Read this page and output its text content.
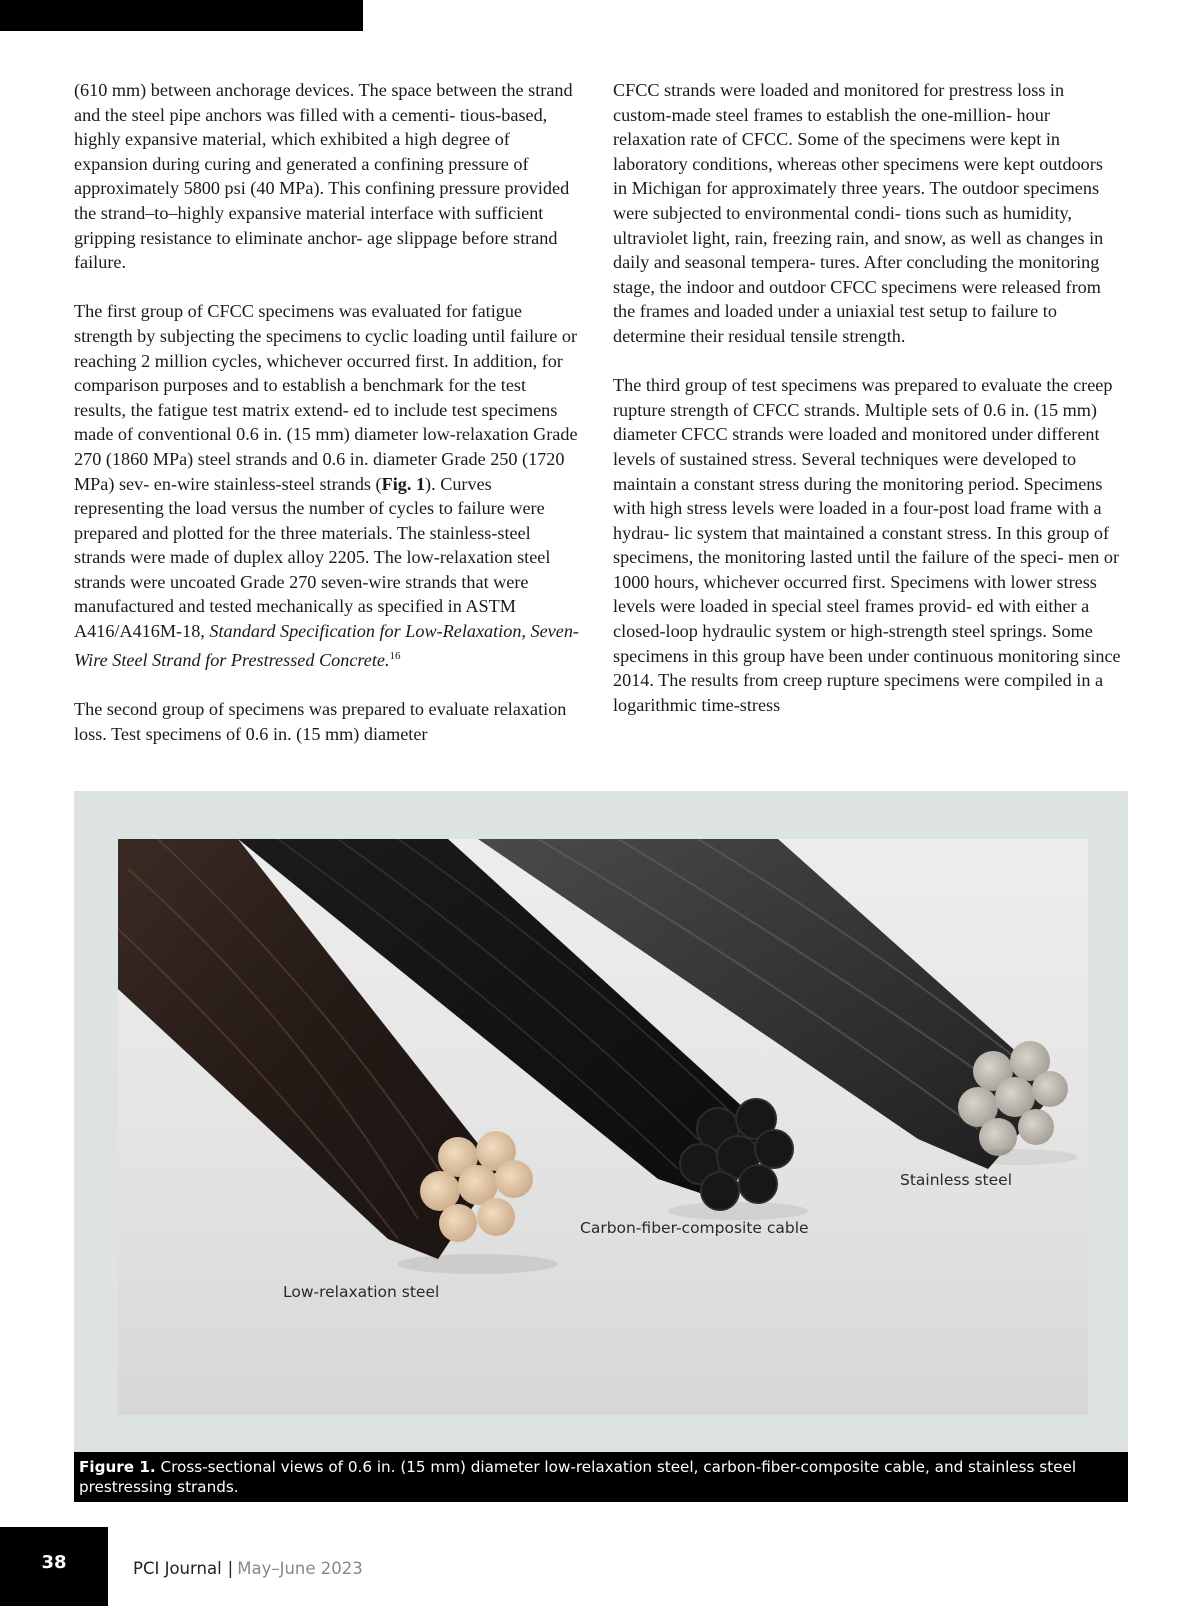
(610 mm) between anchorage devices. The space between the strand and the steel pipe anchors was filled with a cementi- tious-based, highly expansive material, which exhibited a high degree of expansion during curing and generated a confining pressure of approximately 5800 psi (40 MPa). This confining pressure provided the strand–to–highly expansive material interface with sufficient gripping resistance to eliminate anchor- age slippage before strand failure.

The first group of CFCC specimens was evaluated for fatigue strength by subjecting the specimens to cyclic loading until failure or reaching 2 million cycles, whichever occurred first. In addition, for comparison purposes and to establish a benchmark for the test results, the fatigue test matrix extend- ed to include test specimens made of conventional 0.6 in. (15 mm) diameter low-relaxation Grade 270 (1860 MPa) steel strands and 0.6 in. diameter Grade 250 (1720 MPa) sev- en-wire stainless-steel strands (Fig. 1). Curves representing the load versus the number of cycles to failure were prepared and plotted for the three materials. The stainless-steel strands were made of duplex alloy 2205. The low-relaxation steel strands were uncoated Grade 270 seven-wire strands that were manufactured and tested mechanically as specified in ASTM A416/A416M-18, Standard Specification for Low-Relaxation, Seven-Wire Steel Strand for Prestressed Concrete.$^{16}$

The second group of specimens was prepared to evaluate relaxation loss. Test specimens of 0.6 in. (15 mm) diameter

CFCC strands were loaded and monitored for prestress loss in custom-made steel frames to establish the one-million- hour relaxation rate of CFCC. Some of the specimens were kept in laboratory conditions, whereas other specimens were kept outdoors in Michigan for approximately three years. The outdoor specimens were subjected to environmental condi- tions such as humidity, ultraviolet light, rain, freezing rain, and snow, as well as changes in daily and seasonal tempera- tures. After concluding the monitoring stage, the indoor and outdoor CFCC specimens were released from the frames and loaded under a uniaxial test setup to failure to determine their residual tensile strength.

The third group of test specimens was prepared to evaluate the creep rupture strength of CFCC strands. Multiple sets of 0.6 in. (15 mm) diameter CFCC strands were loaded and monitored under different levels of sustained stress. Several techniques were developed to maintain a constant stress during the monitoring period. Specimens with high stress levels were loaded in a four-post load frame with a hydrau- lic system that maintained a constant stress. In this group of specimens, the monitoring lasted until the failure of the speci- men or 1000 hours, whichever occurred first. Specimens with lower stress levels were loaded in special steel frames provid- ed with either a closed-loop hydraulic system or high-strength steel springs. Some specimens in this group have been under continuous monitoring since 2014. The results from creep rupture specimens were compiled in a logarithmic time-stress

Stainless steel
Carbon-fiber-composite cable
Low-relaxation steel
Figure 1. Cross-sectional views of 0.6 in. (15 mm) diameter low-relaxation steel, carbon-fiber-composite cable, and stainless steel prestressing strands.
38	PCI Journal | May–June 2023
